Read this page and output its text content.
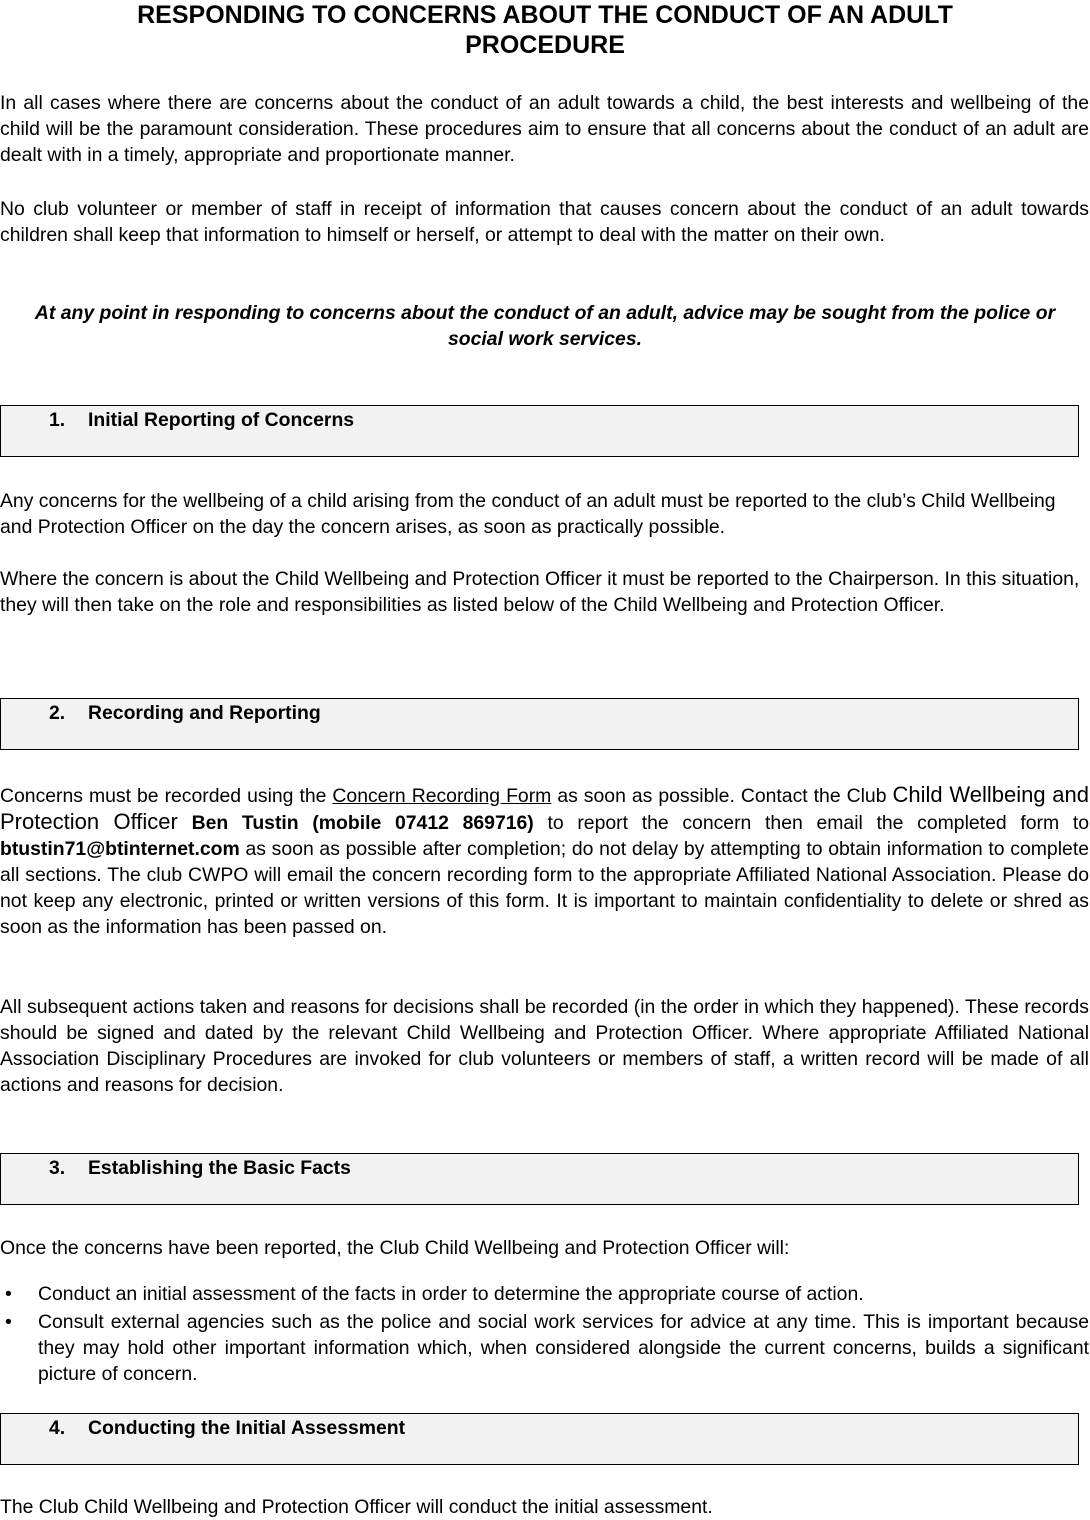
RESPONDING TO CONCERNS ABOUT THE CONDUCT OF AN ADULT
PROCEDURE

In all cases where there are concerns about the conduct of an adult towards a child, the best interests and wellbeing of the child will be the paramount consideration. These procedures aim to ensure that all concerns about the conduct of an adult are dealt with in a timely, appropriate and proportionate manner.

No club volunteer or member of staff in receipt of information that causes concern about the conduct of an adult towards children shall keep that information to himself or herself, or attempt to deal with the matter on their own.

At any point in responding to concerns about the conduct of an adult, advice may be sought from the police or social work services.

1. Initial Reporting of Concerns

Any concerns for the wellbeing of a child arising from the conduct of an adult must be reported to the club’s Child Wellbeing and Protection Officer on the day the concern arises, as soon as practically possible.

Where the concern is about the Child Wellbeing and Protection Officer it must be reported to the Chairperson. In this situation, they will then take on the role and responsibilities as listed below of the Child Wellbeing and Protection Officer.

2. Recording and Reporting

Concerns must be recorded using the Concern Recording Form as soon as possible. Contact the Club Child Wellbeing and Protection Officer Ben Tustin (mobile 07412 869716) to report the concern then email the completed form to btustin71@btinternet.com as soon as possible after completion; do not delay by attempting to obtain information to complete all sections. The club CWPO will email the concern recording form to the appropriate Affiliated National Association. Please do not keep any electronic, printed or written versions of this form. It is important to maintain confidentiality to delete or shred as soon as the information has been passed on.

All subsequent actions taken and reasons for decisions shall be recorded (in the order in which they happened). These records should be signed and dated by the relevant Child Wellbeing and Protection Officer. Where appropriate Affiliated National Association Disciplinary Procedures are invoked for club volunteers or members of staff, a written record will be made of all actions and reasons for decision.

3. Establishing the Basic Facts

Once the concerns have been reported, the Club Child Wellbeing and Protection Officer will:

• Conduct an initial assessment of the facts in order to determine the appropriate course of action.
• Consult external agencies such as the police and social work services for advice at any time. This is important because they may hold other important information which, when considered alongside the current concerns, builds a significant picture of concern.
4. Conducting the Initial Assessment

The Club Child Wellbeing and Protection Officer will conduct the initial assessment.
